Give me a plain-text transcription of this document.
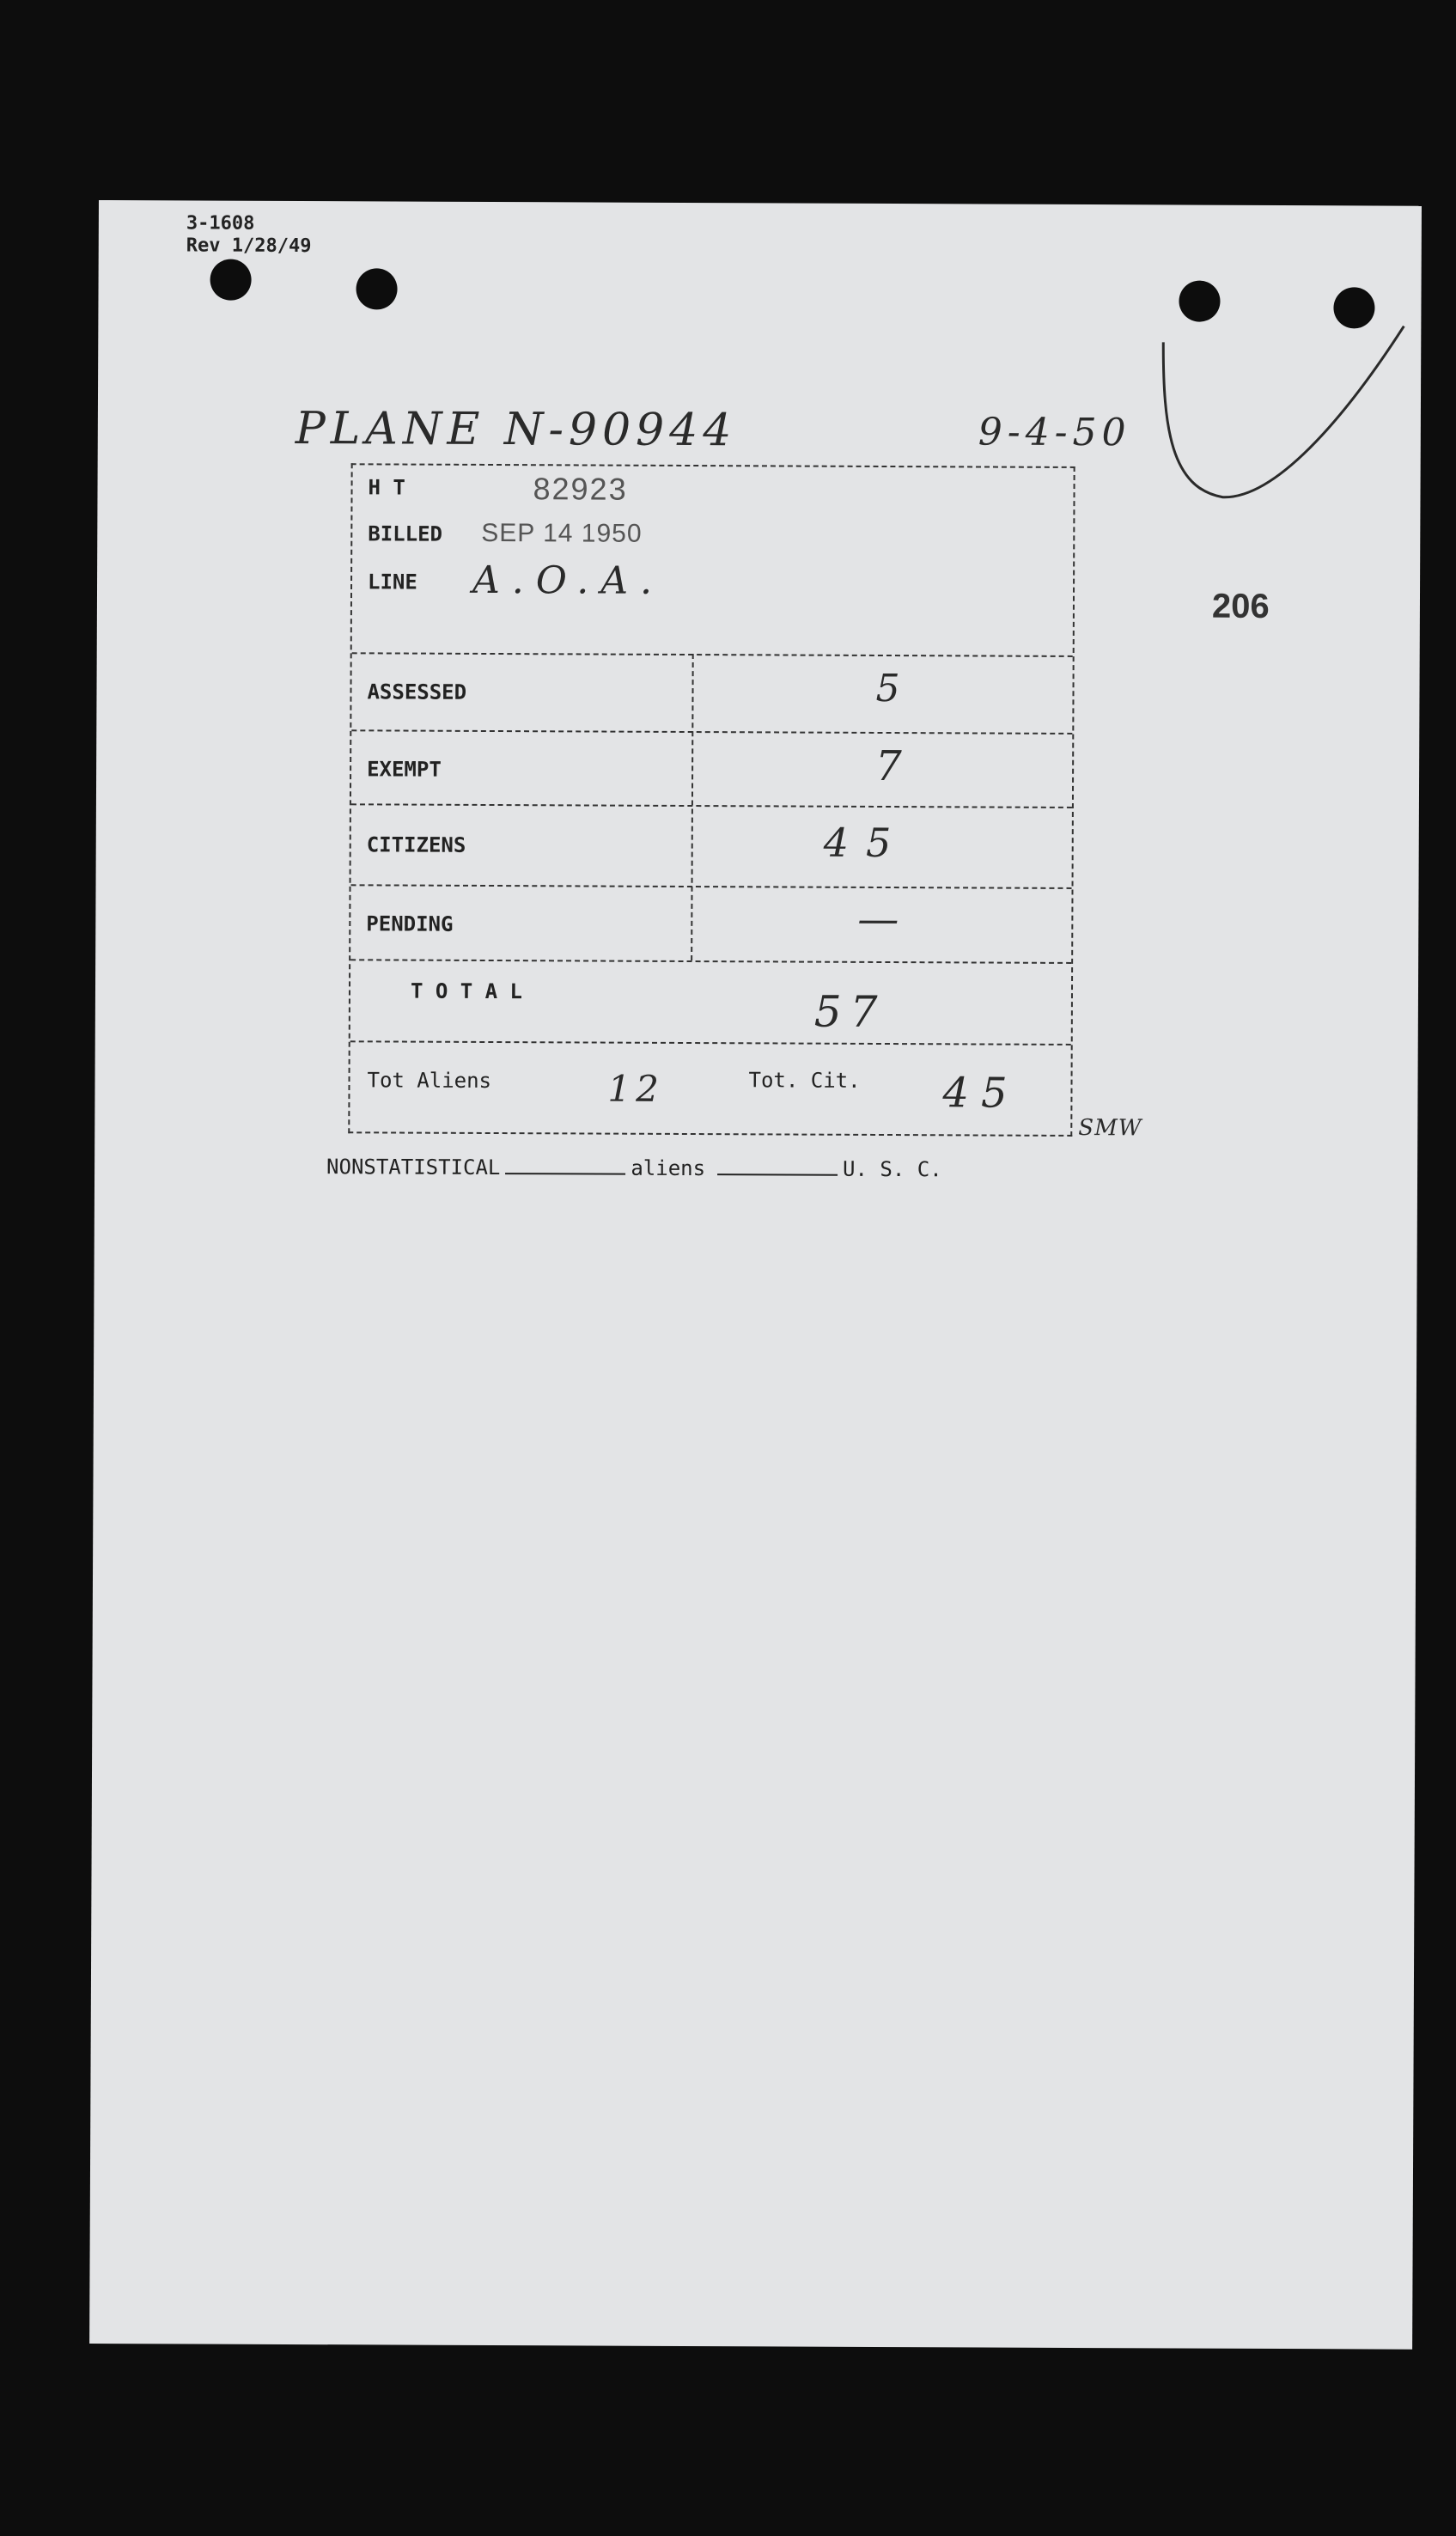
3-1608
Rev 1/28/49
PLANE N-90944	9-4-50
206
H T	82923
BILLED SEP 14 1950
LINE A.O.A.
ASSESSED	5
EXEMPT	7
CITIZENS	45
PENDING	—
T O T A L	57
Tot Aliens	12	Tot. Cit. 45
SMW
NONSTATISTICAL	aliens	U. S. C.
